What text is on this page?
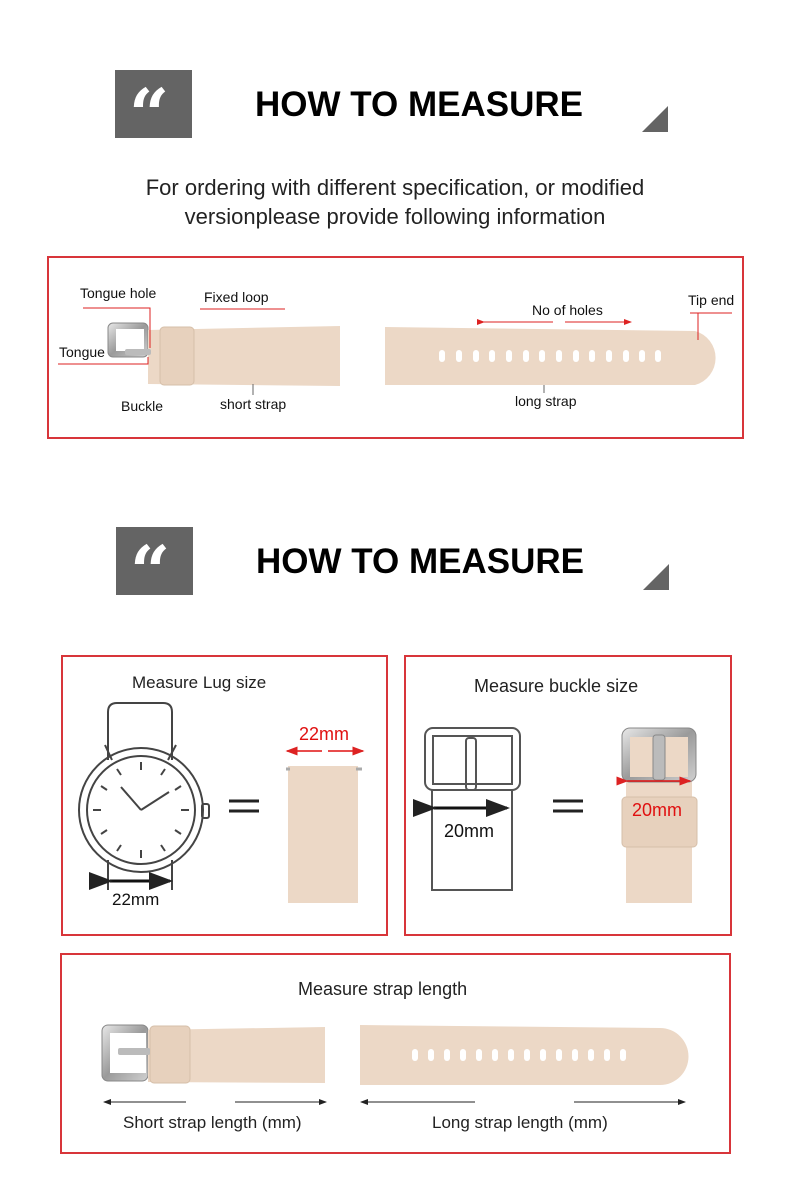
“ HOW TO MEASURE
For ordering with different specification, or modified
versionplease provide following information
Tongue hole	Fixed loop
Tongue
Buckle	short strap
No of holes
Tip end
long strap
“ HOW TO MEASURE
Measure Lug size
22mm
22mm
Measure buckle size
20mm
20mm
Measure strap length
Short strap length (mm)	Long strap length (mm)
